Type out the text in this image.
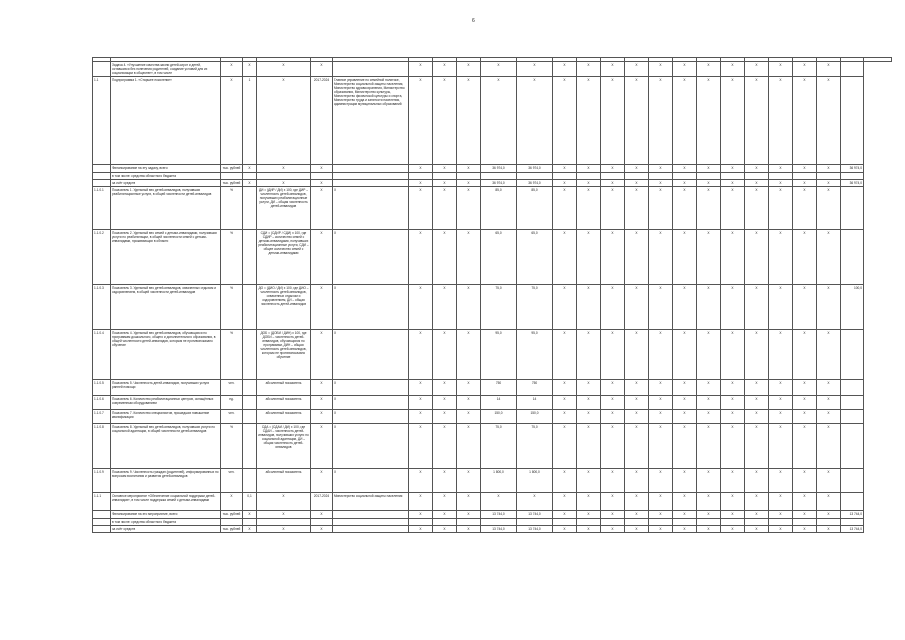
6

	Задача 4. «Улучшение качества жизни детей-сирот и детей, оставшихся без попечения родителей, создание условий для их социализации в обществе», в том числе	Х	Х	Х	Х		Х	Х	Х	Х	Х	Х	Х	Х	Х	Х	Х	Х	Х	Х	Х	Х	Х		
1.1	Подпрограмма 1. «Старшее поколение»	Х	1	Х	2017-2024	Главное управление по семейной политике, Министерство социальной защиты населения, Министерство здравоохранения, Министерство образования, Министерство культуры, Министерство физической культуры и спорта, Министерство труда и занятости населения, администрации муниципальных образований	Х	Х	Х	Х	Х	Х	Х	Х	Х	Х	Х	Х	Х	Х	Х	Х	Х		
	Финансирование на эту задачу, всего:	тыс. рублей	Х	Х	Х		Х	Х	Х	36 974,0	36 974,0	Х	Х	Х	Х	Х	Х	Х	Х	Х	Х	Х	Х	36 974,0	
	в том числе: средства областного бюджета																								
	за счёт средств	тыс. рублей	Х	Х	Х		Х	Х	Х	36 974,0	36 974,0	Х	Х	Х	Х	Х	Х	Х	Х	Х	Х	Х	Х	36 974,0	
1.1.0.1	Показатель 1. Удельный вес детей-инвалидов, получивших реабилитационные услуги, в общей численности детей-инвалидов	%		ДИ = (ДИР / ДИ) х 100, где ДИР – численность детей-инвалидов, получивших реабилитационные услуги, ДИ – общая численность детей-инвалидов	Х	Х	Х	Х	Х	85,0	85,0	Х	Х	Х	Х	Х	Х	Х	Х	Х	Х	Х	Х		
1.1.0.2	Показатель 2. Удельный вес семей с детьми-инвалидами, получивших услуги по реабилитации, в общей численности семей с детьми-инвалидами, проживающих в области	%		СДИ = (СДИР / СДИ) х 100, где СДИР – количество семей с детьми-инвалидами, получивших реабилитационные услуги, СДИ – общее количество семей с детьми-инвалидами	Х	Х	Х	Х	Х	65,0	65,0	Х	Х	Х	Х	Х	Х	Х	Х	Х	Х	Х	Х		
1.1.0.3	Показатель 3. Удельный вес детей-инвалидов, охваченных отдыхом и оздоровлением, в общей численности детей-инвалидов	%		ДО = (ДИО / ДИ) х 100, где ДИО – численность детей-инвалидов, охваченных отдыхом и оздоровлением, ДИ – общая численность детей-инвалидов	Х	Х	Х	Х	Х	75,0	75,0	Х	Х	Х	Х	Х	Х	Х	Х	Х	Х	Х	Х	100,0	
1.1.0.4	Показатель 4. Удельный вес детей-инвалидов, обучающихся по программам дошкольного, общего и дополнительного образования, в общей численности детей-инвалидов, которым не противопоказано обучение	%		ДОБ = (ДОБИ / ДИН) х 100, где ДОБИ – численность детей-инвалидов, обучающихся по программам, ДИН – общая численность детей-инвалидов, которым не противопоказано обучение	Х	Х	Х	Х	Х	95,0	95,0	Х	Х	Х	Х	Х	Х	Х	Х	Х	Х	Х	Х		
1.1.0.5	Показатель 5. Численность детей-инвалидов, получивших услуги ранней помощи	чел.		абсолютный показатель	Х	Х	Х	Х	Х	750	750	Х	Х	Х	Х	Х	Х	Х	Х	Х	Х	Х	Х		
1.1.0.6	Показатель 6. Количество реабилитационных центров, оснащённых современным оборудованием	ед.		абсолютный показатель	Х	Х	Х	Х	Х	14	14	Х	Х	Х	Х	Х	Х	Х	Х	Х	Х	Х	Х		
1.1.0.7	Показатель 7. Количество специалистов, прошедших повышение квалификации	чел.		абсолютный показатель	Х	Х	Х	Х	Х	150,0	150,0	Х	Х	Х	Х	Х	Х	Х	Х	Х	Х	Х	Х		
1.1.0.8	Показатель 8. Удельный вес детей-инвалидов, получивших услуги по социальной адаптации, в общей численности детей-инвалидов	%		СДА = (СДАИ / ДИ) х 100, где СДАИ – численность детей-инвалидов, получивших услуги по социальной адаптации, ДИ – общая численность детей-инвалидов	Х	Х	Х	Х	Х	75,0	75,0	Х	Х	Х	Х	Х	Х	Х	Х	Х	Х	Х	Х		
1.1.0.9	Показатель 9. Численность граждан (родителей), информированных по вопросам воспитания и развития детей-инвалидов	чел.		абсолютный показатель	Х	Х	Х	Х	Х	1 800,0	1 800,0	Х	Х	Х	Х	Х	Х	Х	Х	Х	Х	Х	Х		
1.1.1	Основное мероприятие «Обеспечение социальной поддержки детей-инвалидов», в том числе поддержка семей с детьми-инвалидами	Х	0,1	Х	2017-2024	Министерство социальной защиты населения	Х	Х	Х	Х	Х	Х	Х	Х	Х	Х	Х	Х	Х	Х	Х	Х	Х		
	Финансирование на это мероприятие, всего:	тыс. рублей	Х	Х	Х		Х	Х	Х	13 744,0	13 744,0	Х	Х	Х	Х	Х	Х	Х	Х	Х	Х	Х	Х	13 744,0	
	в том числе: средства областного бюджета																								
	за счёт средств	тыс. рублей	Х	Х	Х		Х	Х	Х	13 744,0	13 744,0	Х	Х	Х	Х	Х	Х	Х	Х	Х	Х	Х	Х	13 744,0	
